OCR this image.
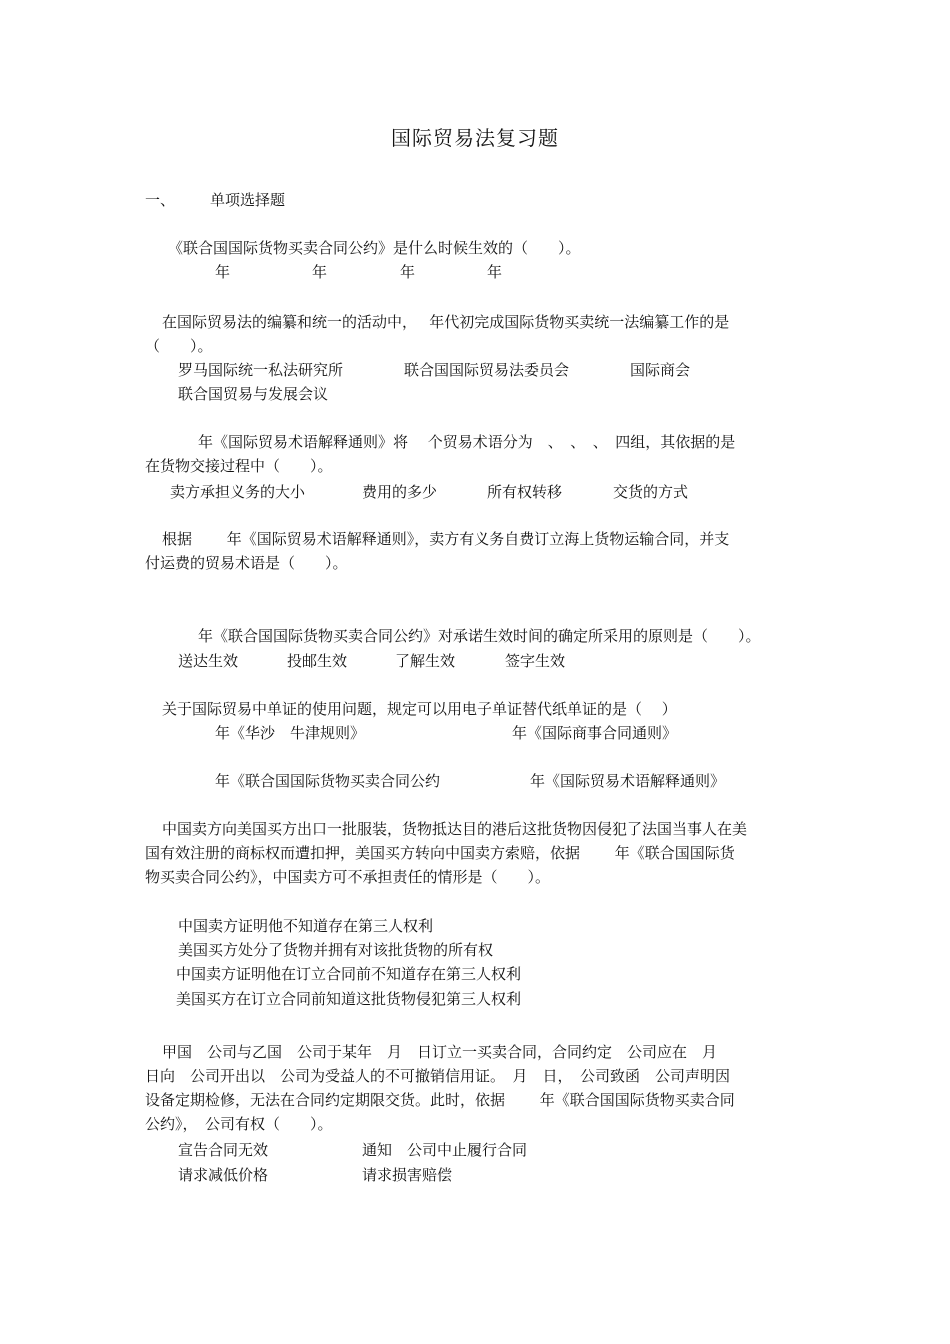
国际贸易法复习题
一、 单项选择题
《联合国国际货物买卖合同公约》是什么时候生效的（　　）。
年	年	年	年
在国际贸易法的编纂和统一的活动中，　 年代初完成国际货物买卖统一法编纂工作的是
（　　）。
罗马国际统一私法研究所	联合国国际贸易法委员会	国际商会
联合国贸易与发展会议
年《国际贸易术语解释通则》将　 个贸易术语分为　、　、　、　四组，其依据的是
在货物交接过程中（　　）。
卖方承担义务的大小	费用的多少	所有权转移	交货的方式
根据　　 年《国际贸易术语解释通则》，卖方有义务自费订立海上货物运输合同，并支
付运费的贸易术语是（　　）。
年《联合国国际货物买卖合同公约》对承诺生效时间的确定所采用的原则是（　　）。
送达生效	投邮生效	了解生效	签字生效
关于国际贸易中单证的使用问题，规定可以用电子单证替代纸单证的是（　 ）
年《华沙　牛津规则》	年《国际商事合同通则》
年《联合国国际货物买卖合同公约	年《国际贸易术语解释通则》
中国卖方向美国买方出口一批服装，货物抵达目的港后这批货物因侵犯了法国当事人在美
国有效注册的商标权而遭扣押，美国买方转向中国卖方索赔，依据　　 年《联合国国际货
物买卖合同公约》，中国卖方可不承担责任的情形是（　　）。
中国卖方证明他不知道存在第三人权利
美国买方处分了货物并拥有对该批货物的所有权
中国卖方证明他在订立合同前不知道存在第三人权利
美国买方在订立合同前知道这批货物侵犯第三人权利
甲国　公司与乙国　公司于某年　月　日订立一买卖合同，合同约定　公司应在　月
日向　公司开出以　公司为受益人的不可撤销信用证。　月　日，　公司致函　公司声明因
设备定期检修，无法在合同约定期限交货。此时，依据　　 年《联合国国际货物买卖合同
公约》，　公司有权（　　）。
宣告合同无效	通知　公司中止履行合同
请求减低价格	请求损害赔偿
